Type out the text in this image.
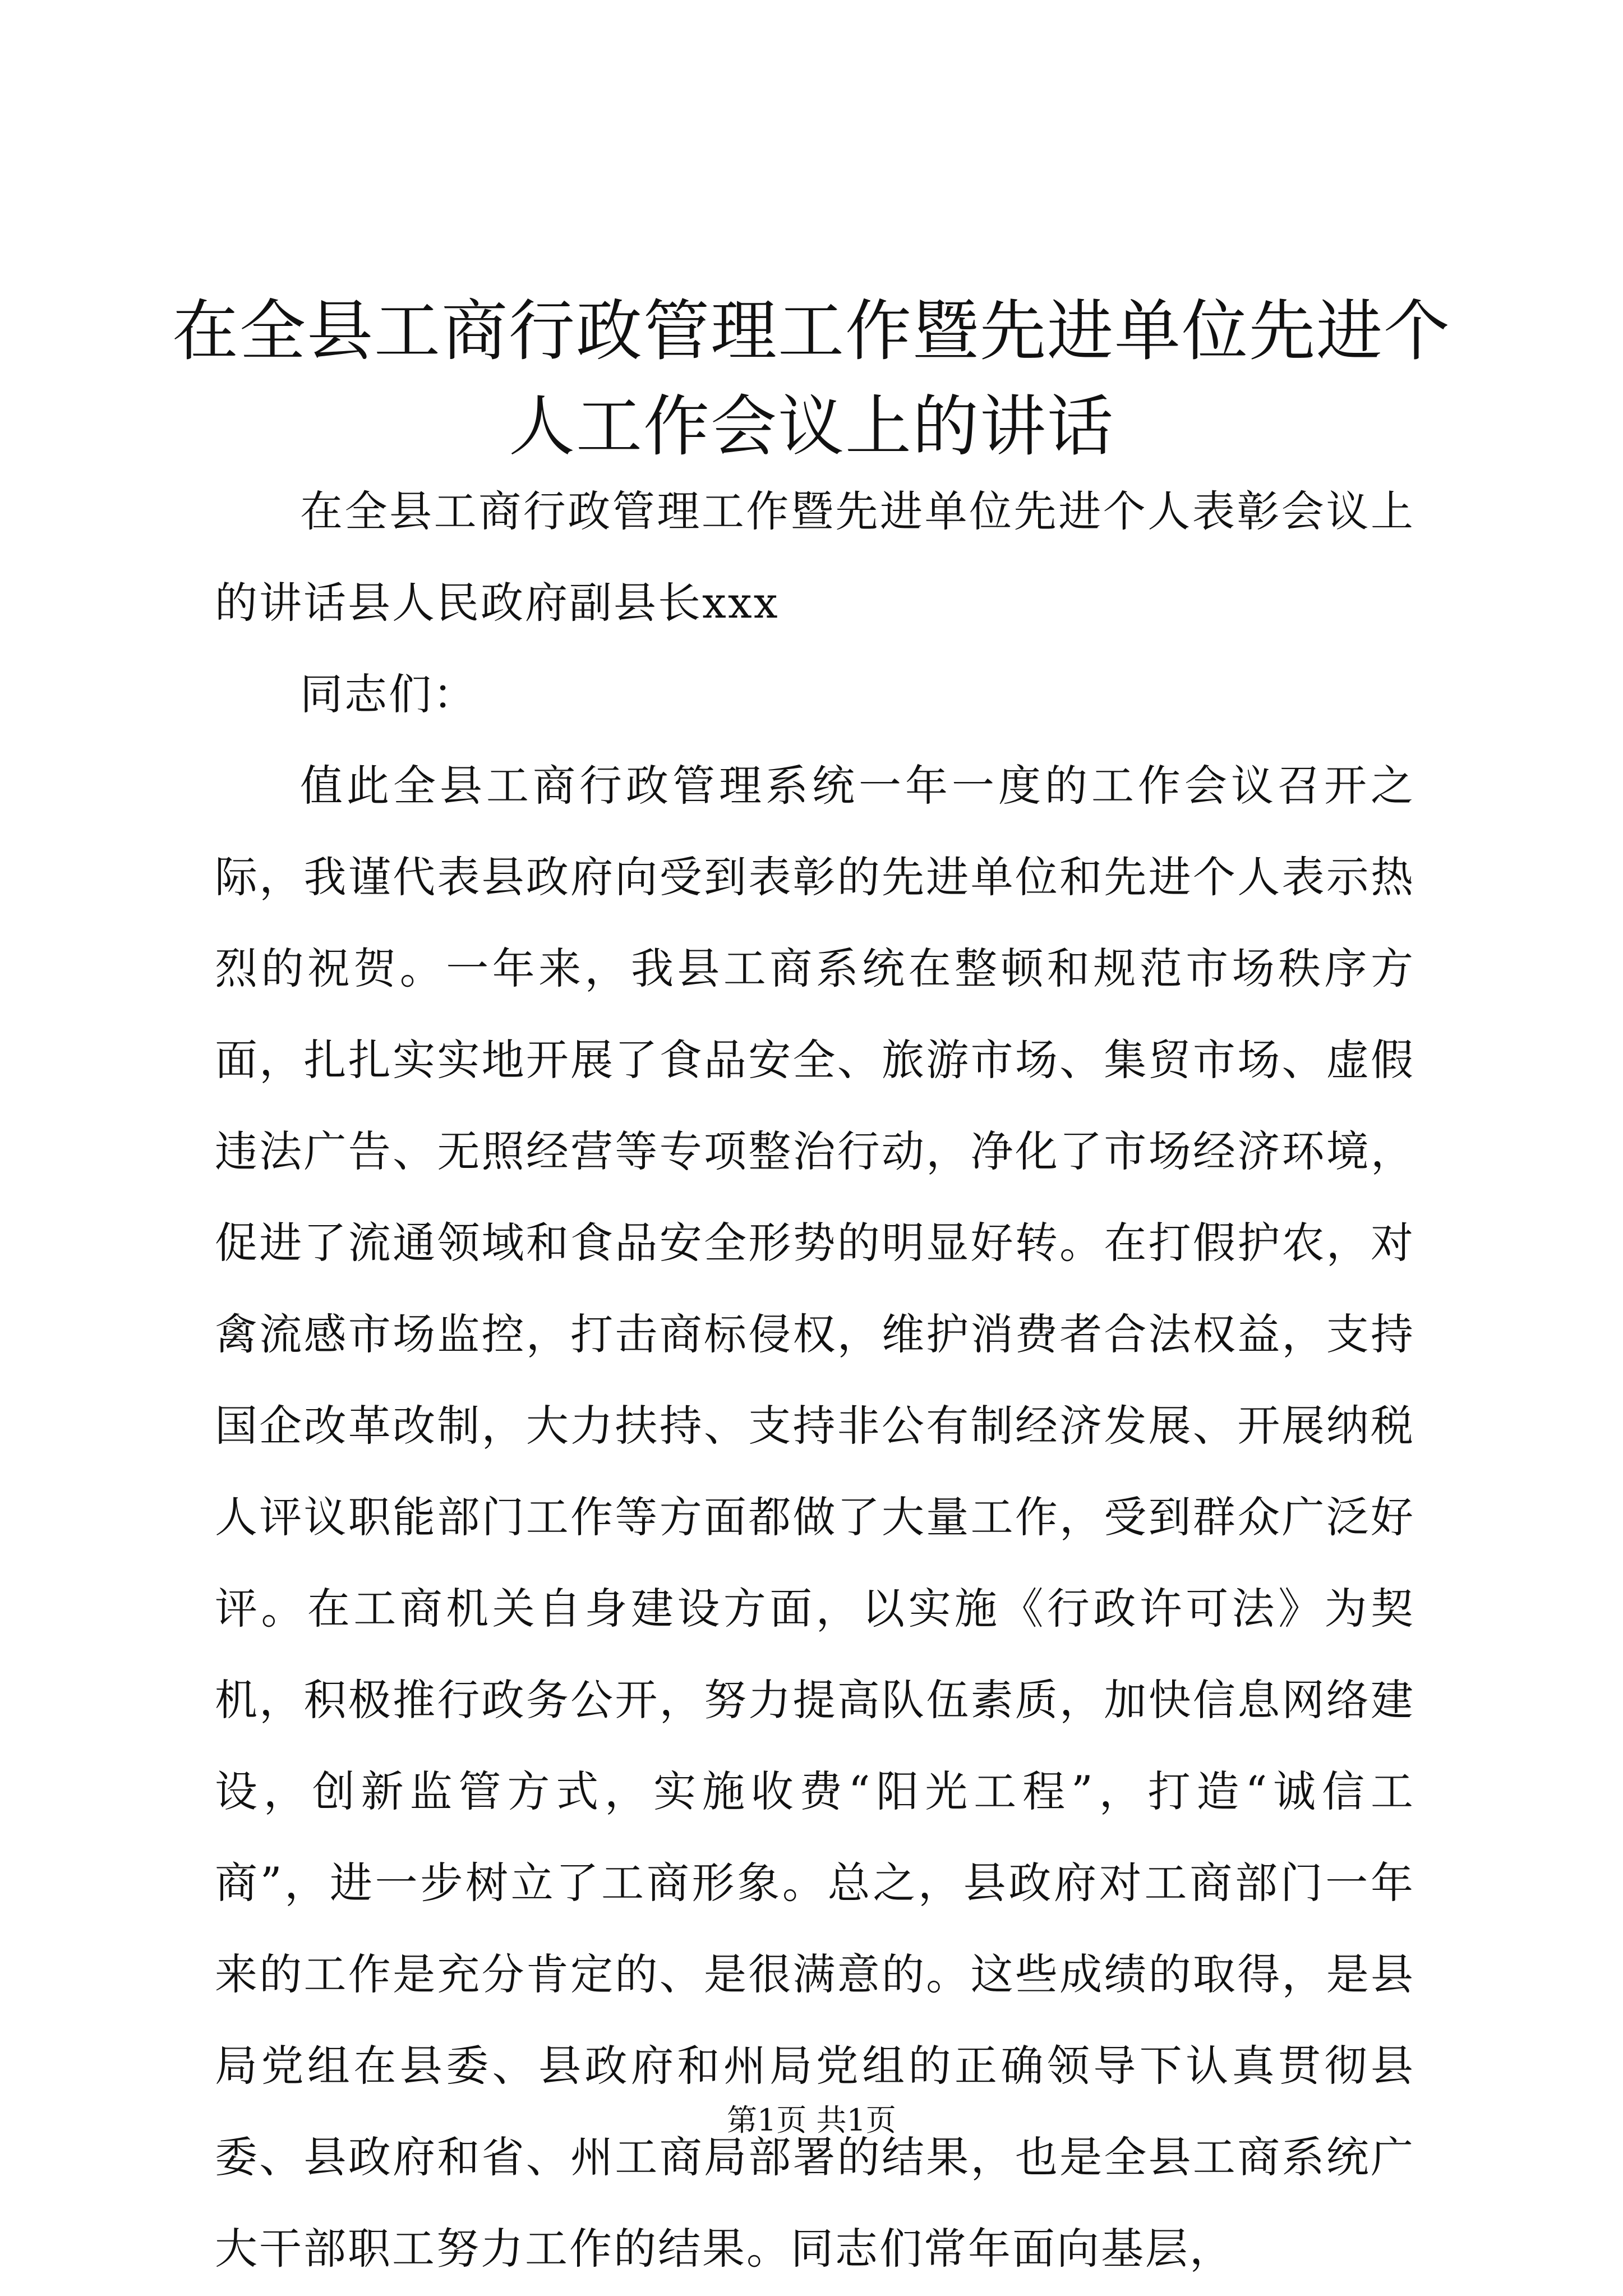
在全县工商行政管理工作暨先进单位先进个人工作会议上的讲话

在全县工商行政管理工作暨先进单位先进个人表彰会议上的讲话县人民政府副县长xxx

同志们：

值此全县工商行政管理系统一年一度的工作会议召开之际，我谨代表县政府向受到表彰的先进单位和先进个人表示热烈的祝贺。一年来，我县工商系统在整顿和规范市场秩序方面，扎扎实实地开展了食品安全、旅游市场、集贸市场、虚假违法广告、无照经营等专项整治行动，净化了市场经济环境，促进了流通领域和食品安全形势的明显好转。在打假护农，对禽流感市场监控，打击商标侵权，维护消费者合法权益，支持国企改革改制，大力扶持、支持非公有制经济发展、开展纳税人评议职能部门工作等方面都做了大量工作，受到群众广泛好评。在工商机关自身建设方面，以实施《行政许可法》为契机，积极推行政务公开，努力提高队伍素质，加快信息网络建设，创新监管方式，实施收费“阳光工程”，打造“诚信工商”，进一步树立了工商形象。总之，县政府对工商部门一年来的工作是充分肯定的、是很满意的。这些成绩的取得，是县局党组在县委、县政府和州局党组的正确领导下认真贯彻县委、县政府和省、州工商局部署的结果，也是全县工商系统广大干部职工努力工作的结果。同志们常年面向基层，

第1页 共1页
